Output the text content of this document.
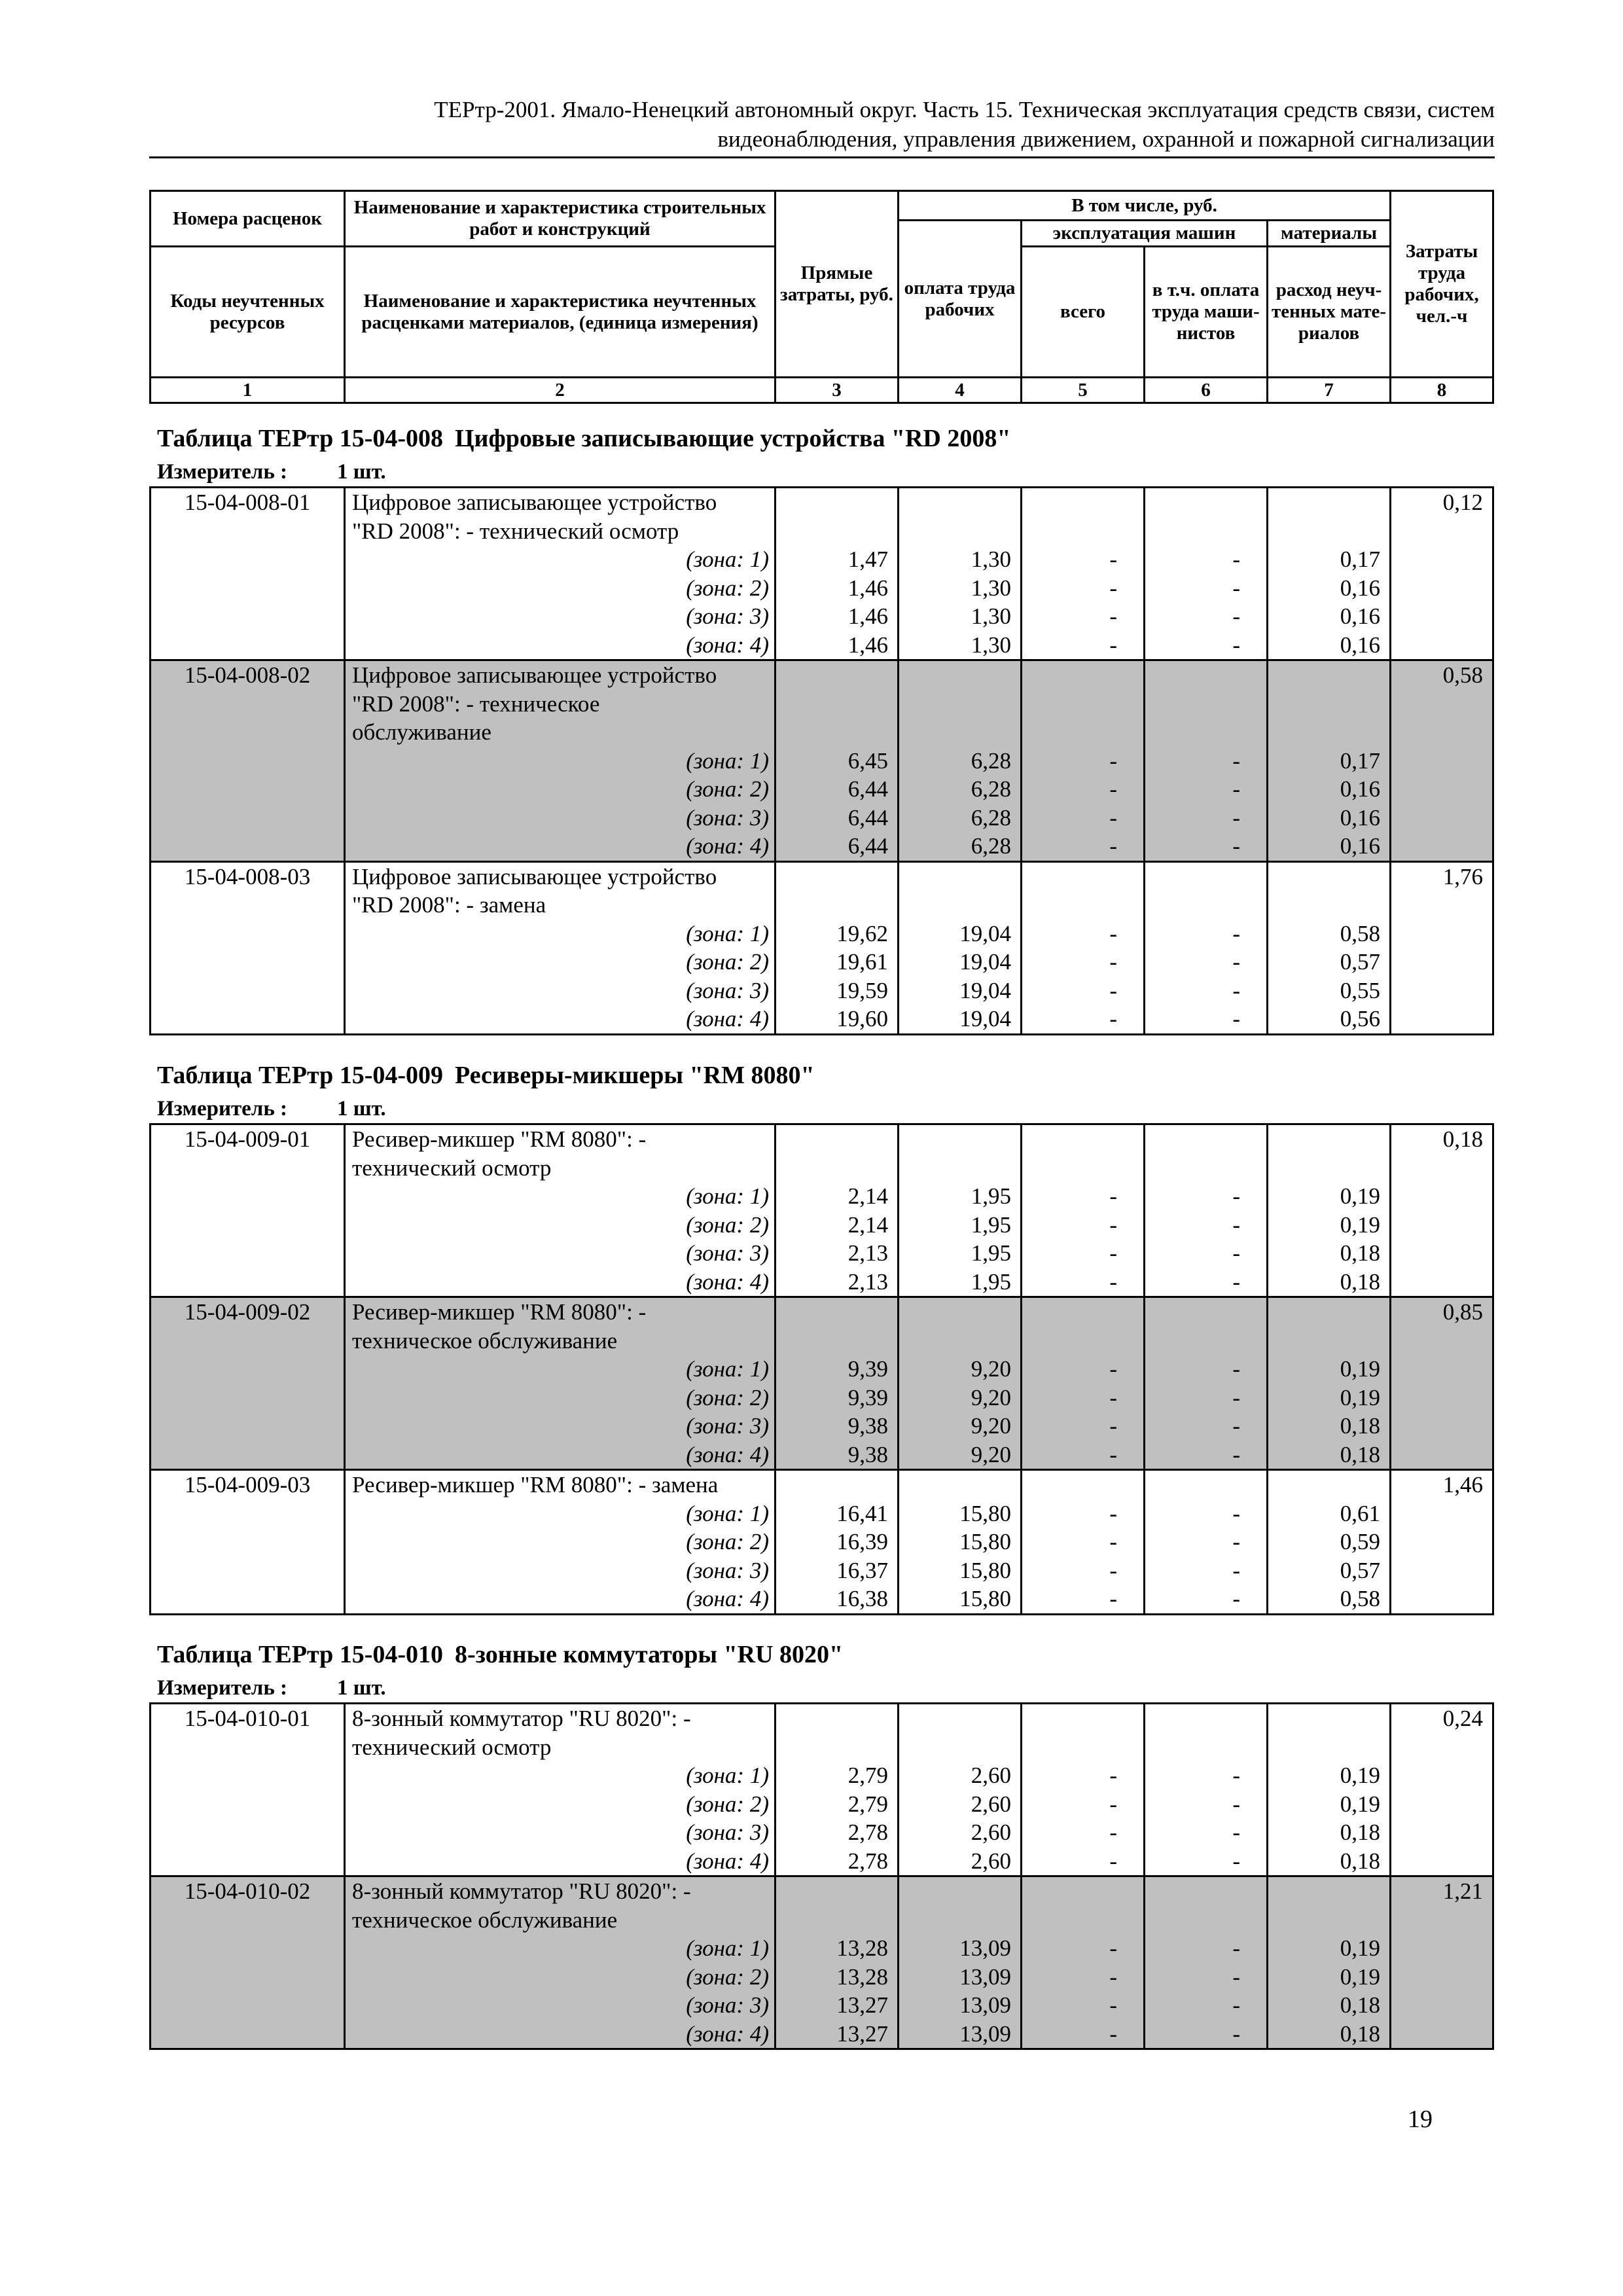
ТЕРтр-2001. Ямало-Ненецкий автономный округ. Часть 15. Техническая эксплуатация средств связи, систем
видеонаблюдения, управления движением, охранной и пожарной сигнализации
Номера расценок	Наименование и характеристика строительных работ и конструкций	Прямые затраты, руб.	В том числе, руб.				Затраты труда рабочих, чел.-ч
			оплата труда рабочих	эксплуатация машин		материалы	
Коды неучтенных ресурсов	Наименование и характеристика неучтенных расценками материалов, (единица измерения)			всего	в т.ч. оплата труда маши-нистов	расход неуч-тенных мате-риалов	

1	2	3	4	5	6	7	8
Таблица ТЕРтр 15-04-008 Цифровые записывающие устройства "RD 2008"
Измеритель : 1 шт.
15-04-008-01	Цифровое записывающее устройство						0,12
	"RD 2008": - технический осмотр						
	(зона: 1)	1,47	1,30	-	-	0,17	
	(зона: 2)	1,46	1,30	-	-	0,16	
	(зона: 3)	1,46	1,30	-	-	0,16	
	(зона: 4)	1,46	1,30	-	-	0,16	
15-04-008-02	Цифровое записывающее устройство						0,58
	"RD 2008": - техническое						
	обслуживание						
	(зона: 1)	6,45	6,28	-	-	0,17	
	(зона: 2)	6,44	6,28	-	-	0,16	
	(зона: 3)	6,44	6,28	-	-	0,16	
	(зона: 4)	6,44	6,28	-	-	0,16	
15-04-008-03	Цифровое записывающее устройство						1,76
	"RD 2008": - замена						
	(зона: 1)	19,62	19,04	-	-	0,58	
	(зона: 2)	19,61	19,04	-	-	0,57	
	(зона: 3)	19,59	19,04	-	-	0,55	
	(зона: 4)	19,60	19,04	-	-	0,56	
Таблица ТЕРтр 15-04-009 Ресиверы-микшеры "RM 8080"
Измеритель : 1 шт.
15-04-009-01	Ресивер-микшер "RM 8080": -						0,18
	технический осмотр						
	(зона: 1)	2,14	1,95	-	-	0,19	
	(зона: 2)	2,14	1,95	-	-	0,19	
	(зона: 3)	2,13	1,95	-	-	0,18	
	(зона: 4)	2,13	1,95	-	-	0,18	
15-04-009-02	Ресивер-микшер "RM 8080": -						0,85
	техническое обслуживание						
	(зона: 1)	9,39	9,20	-	-	0,19	
	(зона: 2)	9,39	9,20	-	-	0,19	
	(зона: 3)	9,38	9,20	-	-	0,18	
	(зона: 4)	9,38	9,20	-	-	0,18	
15-04-009-03	Ресивер-микшер "RM 8080": - замена						1,46
	(зона: 1)	16,41	15,80	-	-	0,61	
	(зона: 2)	16,39	15,80	-	-	0,59	
	(зона: 3)	16,37	15,80	-	-	0,57	
	(зона: 4)	16,38	15,80	-	-	0,58	
Таблица ТЕРтр 15-04-010 8-зонные коммутаторы "RU 8020"
Измеритель : 1 шт.
15-04-010-01	8-зонный коммутатор "RU 8020": -						0,24
	технический осмотр						
	(зона: 1)	2,79	2,60	-	-	0,19	
	(зона: 2)	2,79	2,60	-	-	0,19	
	(зона: 3)	2,78	2,60	-	-	0,18	
	(зона: 4)	2,78	2,60	-	-	0,18	
15-04-010-02	8-зонный коммутатор "RU 8020": -						1,21
	техническое обслуживание						
	(зона: 1)	13,28	13,09	-	-	0,19	
	(зона: 2)	13,28	13,09	-	-	0,19	
	(зона: 3)	13,27	13,09	-	-	0,18	
	(зона: 4)	13,27	13,09	-	-	0,18	
19
